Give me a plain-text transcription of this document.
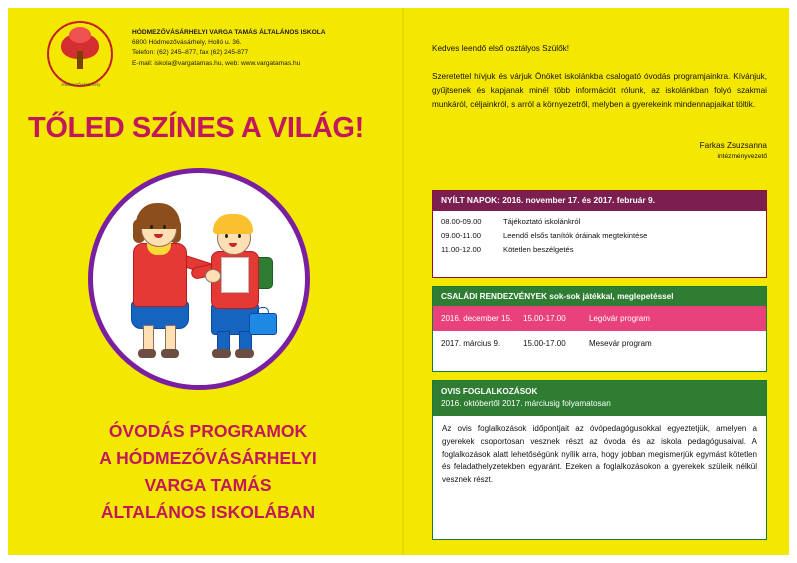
Hódmezővásárhely
HÓDMEZŐVÁSÁRHELYI VARGA TAMÁS ÁLTALÁNOS ISKOLA
6800 Hódmezővásárhely, Holló u. 36.
Telefon: (62) 245–877, fax (62) 245-877
E-mail: iskola@vargatamas.hu, web: www.vargatamas.hu
TŐLED SZÍNES A VILÁG!
ÓVODÁS PROGRAMOK
A HÓDMEZŐVÁSÁRHELYI
VARGA TAMÁS
ÁLTALÁNOS ISKOLÁBAN
Kedves leendő első osztályos Szülők!
Szeretettel hívjuk és várjuk Önöket iskolánkba csalogató óvodás programjainkra. Kívánjuk, gyűjtsenek és kapjanak minél több információt rólunk, az iskolánkban folyó szakmai munkáról, céljainkról, s arról a környezetről, melyben a gyerekeink mindennapjaikat töltik.
Farkas Zsuzsanna
intézményvezető
NYÍLT NAPOK: 2016. november 17. és 2017. február 9.
08.00-09.00	Tájékoztató iskolánkról
09.00-11.00	Leendő elsős tanítók óráinak megtekintése
11.00-12.00	Kötetlen beszélgetés
CSALÁDI RENDEZVÉNYEK sok-sok játékkal, meglepetéssel
2016. december 15.	15.00-17.00	Legóvár program
2017. március 9.	15.00-17.00	Mesevár program
OVIS FOGLALKOZÁSOK
2016. októbertől 2017. márciusig folyamatosan
Az ovis foglalkozások időpontjait az óvópedagógusokkal egyeztetjük, amelyen a gyerekek csoportosan vesznek részt az óvoda és az iskola pedagógusaival. A foglalkozások alatt lehetőségünk nyílik arra, hogy jobban megismerjük egymást kötetlen és feladathelyzetekben egyaránt. Ezeken a foglalkozásokon a gyerekek szüleik nélkül vesznek részt.
